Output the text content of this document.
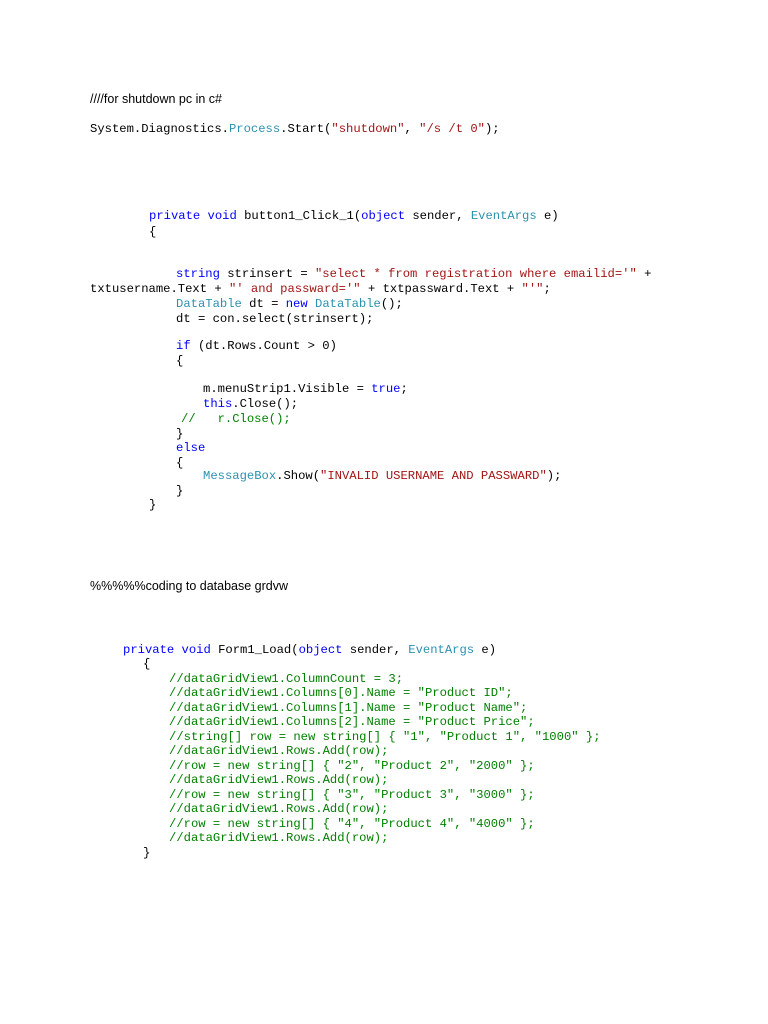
////for shutdown pc in c#
System.Diagnostics.Process.Start("shutdown", "/s /t 0");
private void button1_Click_1(object sender, EventArgs e)
{
string strinsert = "select * from registration where emailid='" +
txtusername.Text + "' and passward='" + txtpassward.Text + "'";
DataTable dt = new DataTable();
dt = con.select(strinsert);
if (dt.Rows.Count > 0)
{
m.menuStrip1.Visible = true;
this.Close();
//   r.Close();
}
else
{
MessageBox.Show("INVALID USERNAME AND PASSWARD");
}
}
%%%%%coding to database grdvw
private void Form1_Load(object sender, EventArgs e)
{
//dataGridView1.ColumnCount = 3;
//dataGridView1.Columns[0].Name = "Product ID";
//dataGridView1.Columns[1].Name = "Product Name";
//dataGridView1.Columns[2].Name = "Product Price";
//string[] row = new string[] { "1", "Product 1", "1000" };
//dataGridView1.Rows.Add(row);
//row = new string[] { "2", "Product 2", "2000" };
//dataGridView1.Rows.Add(row);
//row = new string[] { "3", "Product 3", "3000" };
//dataGridView1.Rows.Add(row);
//row = new string[] { "4", "Product 4", "4000" };
//dataGridView1.Rows.Add(row);
}
